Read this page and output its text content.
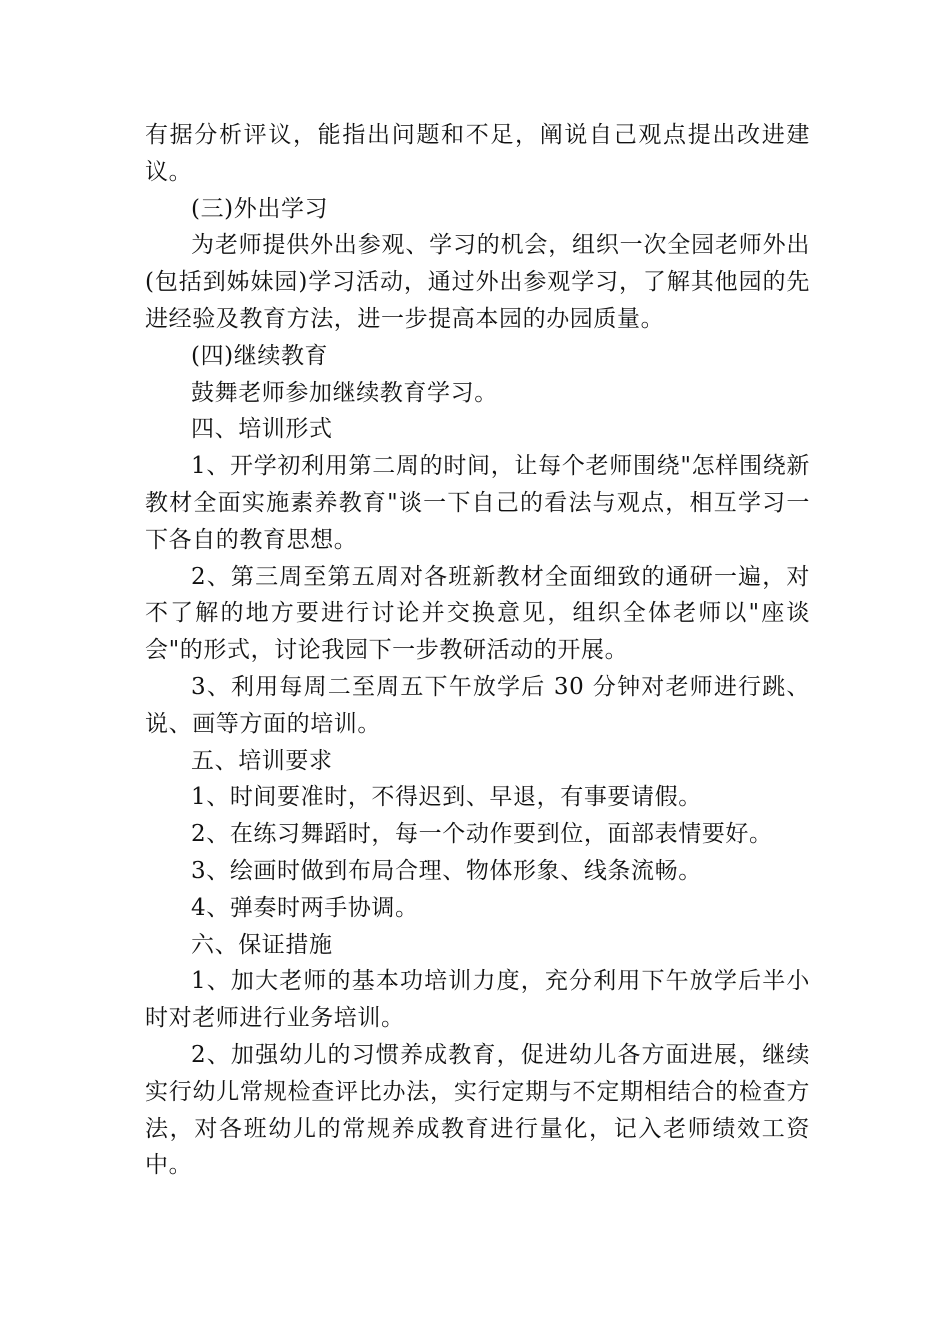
有据分析评议，能指出问题和不足，阐说自己观点提出改进建议。

(三)外出学习

为老师提供外出参观、学习的机会，组织一次全园老师外出(包括到姊妹园)学习活动，通过外出参观学习，了解其他园的先进经验及教育方法，进一步提高本园的办园质量。

(四)继续教育

鼓舞老师参加继续教育学习。

四、培训形式

1、开学初利用第二周的时间，让每个老师围绕"怎样围绕新教材全面实施素养教育"谈一下自己的看法与观点，相互学习一下各自的教育思想。

2、第三周至第五周对各班新教材全面细致的通研一遍，对不了解的地方要进行讨论并交换意见，组织全体老师以"座谈会"的形式，讨论我园下一步教研活动的开展。

3、利用每周二至周五下午放学后 30 分钟对老师进行跳、说、画等方面的培训。

五、培训要求

1、时间要准时，不得迟到、早退，有事要请假。

2、在练习舞蹈时，每一个动作要到位，面部表情要好。

3、绘画时做到布局合理、物体形象、线条流畅。

4、弹奏时两手协调。

六、保证措施

1、加大老师的基本功培训力度，充分利用下午放学后半小时对老师进行业务培训。

2、加强幼儿的习惯养成教育，促进幼儿各方面进展，继续实行幼儿常规检查评比办法，实行定期与不定期相结合的检查方法，对各班幼儿的常规养成教育进行量化，记入老师绩效工资中。
